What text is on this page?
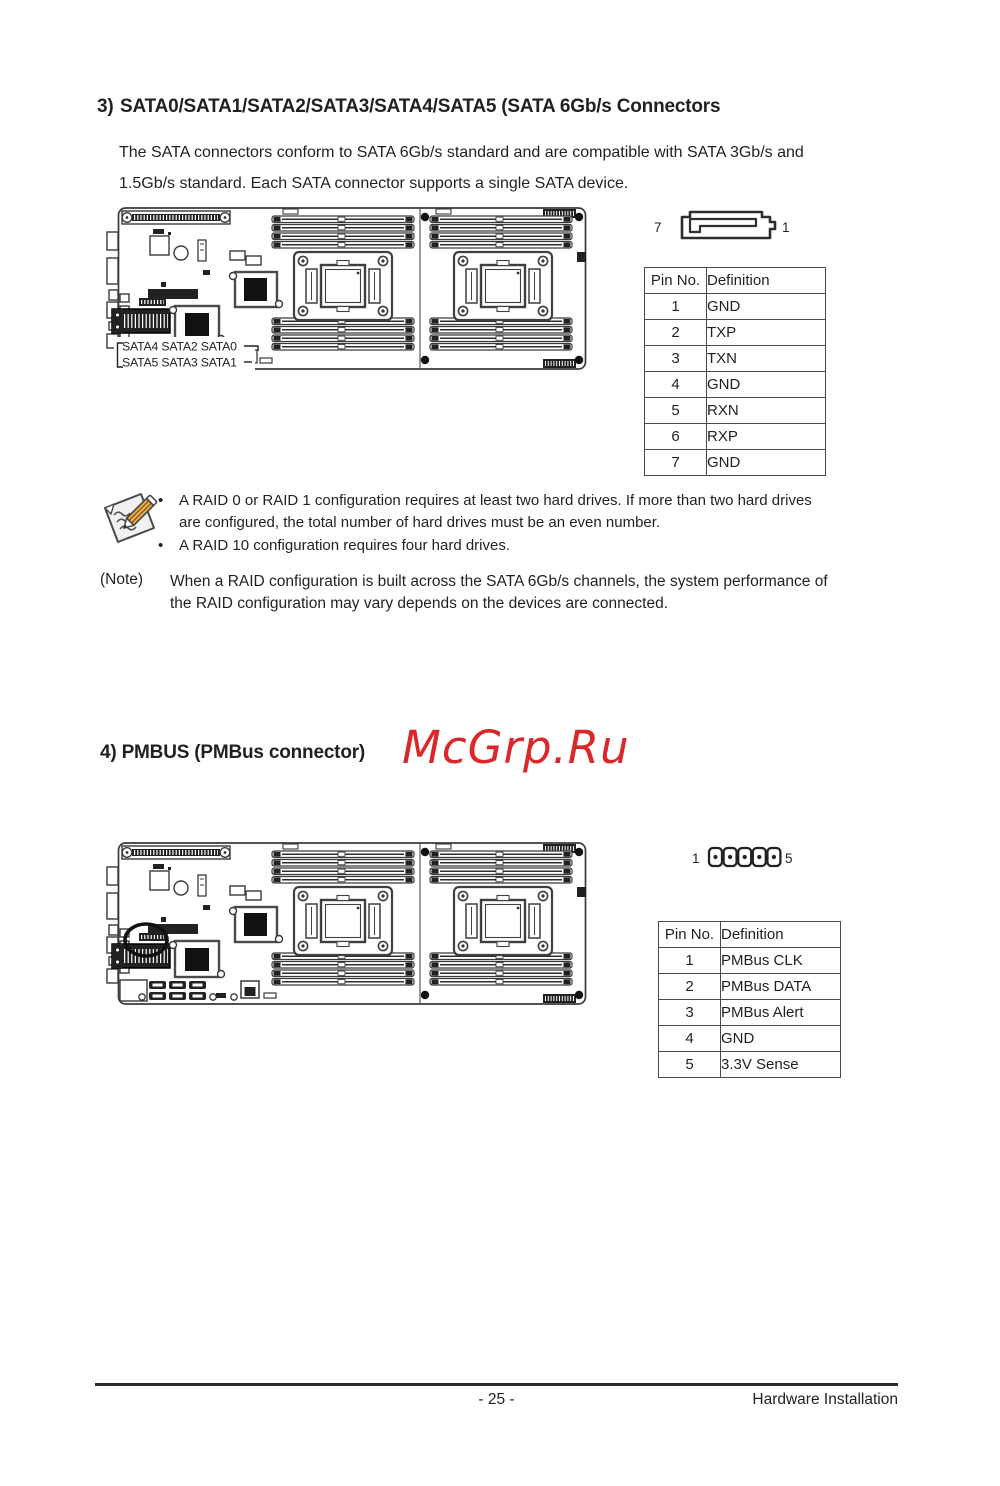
3) SATA0/SATA1/SATA2/SATA3/SATA4/SATA5 (SATA 6Gb/s Connectors
The SATA connectors conform to SATA 6Gb/s standard and are compatible with SATA 3Gb/s and
1.5Gb/s standard. Each SATA connector supports a single SATA device.
SATA4 SATA2 SATA0
SATA5 SATA3 SATA1
7	1
Pin No.	Definition
1	GND
2	TXP
3	TXN
4	GND
5	RXN
6	RXP
7	GND
•	A RAID 0 or RAID 1 configuration requires at least two hard drives. If more than two hard drives
are configured, the total number of hard drives must be an even number.
•	A RAID 10 configuration requires four hard drives.
(Note) When a RAID configuration is built across the SATA 6Gb/s channels, the system performance of
the RAID configuration may vary depends on the devices are connected.
4) PMBUS (PMBus connector) McGrp.Ru
1	5
Pin No.	Definition
1	PMBus CLK
2	PMBus DATA
3	PMBus Alert
4	GND
5	3.3V Sense
- 25 -	Hardware Installation
